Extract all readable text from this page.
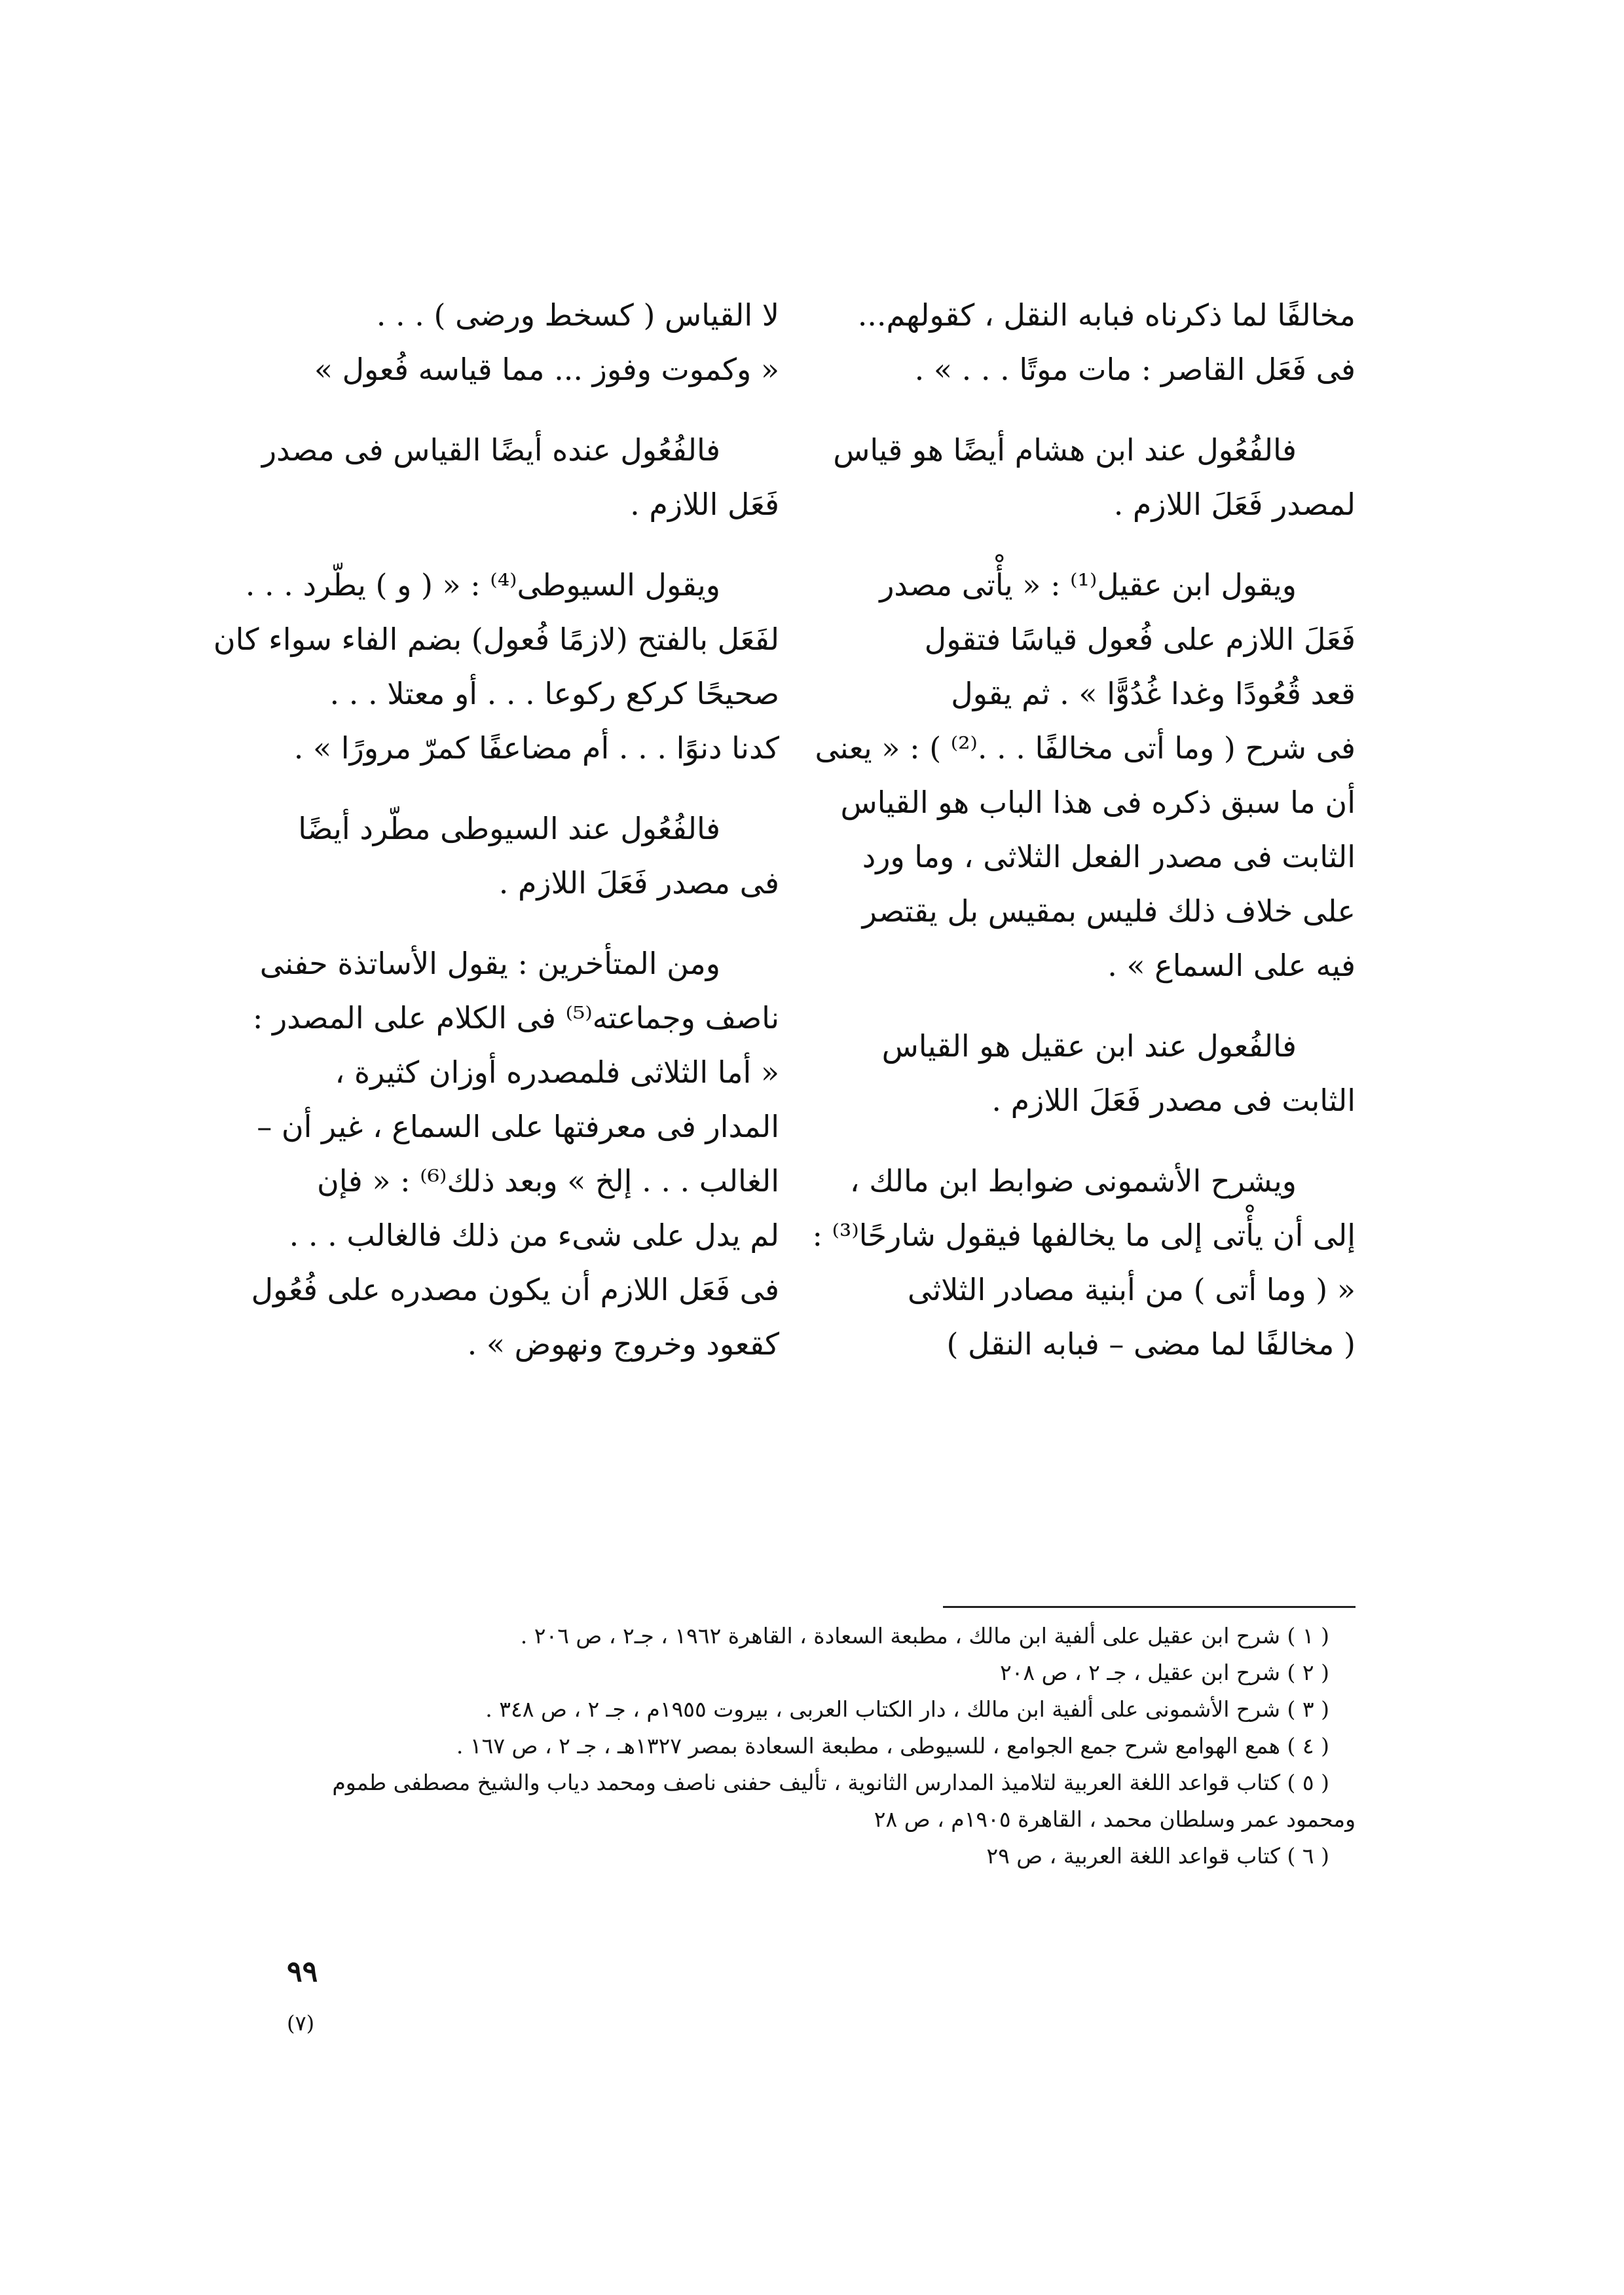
مخالفًا لما ذكرناه فبابه النقل ، كقولهم...
فى فَعَل القاصر : مات موتًا . . . » .
فالفُعُول عند ابن هشام أيضًا هو قياس
لمصدر فَعَلَ اللازم .
ويقول ابن عقيل⁽¹⁾ : « يأْتى مصدر
فَعَلَ اللازم على فُعول قياسًا فتقول
قعد قُعُودًا وغدا غُدُوًّا » . ثم يقول
فى شرح ( وما أتى مخالفًا . . .⁽²⁾ ) : « يعنى
أن ما سبق ذكره فى هذا الباب هو القياس
الثابت فى مصدر الفعل الثلاثى ، وما ورد
على خلاف ذلك فليس بمقيس بل يقتصر
فيه على السماع » .
فالفُعول عند ابن عقيل هو القياس
الثابت فى مصدر فَعَلَ اللازم .
ويشرح الأشمونى ضوابط ابن مالك ،
إلى أن يأْتى إلى ما يخالفها فيقول شارحًا⁽³⁾ :
« ( وما أتى ) من أبنية مصادر الثلاثى
( مخالفًا لما مضى – فبابه النقل )
لا القياس ( كسخط ورضى ) . . .
« وكموت وفوز ... مما قياسه فُعول »
فالفُعُول عنده أيضًا القياس فى مصدر
فَعَل اللازم .
ويقول السيوطى⁽⁴⁾ : « ( و ) يطّرد . . .
لفَعَل بالفتح (لازمًا فُعول) بضم الفاء سواء كان
صحيحًا كركع ركوعا . . . أو معتلا . . .
كدنا دنوًا . . . أم مضاعفًا كمرّ مرورًا » .
فالفُعُول عند السيوطى مطّرد أيضًا
فى مصدر فَعَلَ اللازم .
ومن المتأخرين : يقول الأساتذة حفنى
ناصف وجماعته⁽⁵⁾ فى الكلام على المصدر :
« أما الثلاثى فلمصدره أوزان كثيرة ،
المدار فى معرفتها على السماع ، غير أن –
الغالب . . . إلخ » وبعد ذلك⁽⁶⁾ : « فإن
لم يدل على شىء من ذلك فالغالب . . .
فى فَعَل اللازم أن يكون مصدره على فُعُول
كقعود وخروج ونهوض » .
( ١ ) شرح ابن عقيل على ألفية ابن مالك ، مطبعة السعادة ، القاهرة ١٩٦٢ ، جـ٢ ، ص ٢٠٦ .
( ٢ ) شرح ابن عقيل ، جـ ٢ ، ص ٢٠٨
( ٣ ) شرح الأشمونى على ألفية ابن مالك ، دار الكتاب العربى ، بيروت ١٩٥٥م ، جـ ٢ ، ص ٣٤٨ .
( ٤ ) همع الهوامع شرح جمع الجوامع ، للسيوطى ، مطبعة السعادة بمصر ١٣٢٧هـ ، جـ ٢ ، ص ١٦٧ .
( ٥ ) كتاب قواعد اللغة العربية لتلاميذ المدارس الثانوية ، تأليف حفنى ناصف ومحمد دياب والشيخ مصطفى طموم
ومحمود عمر وسلطان محمد ، القاهرة ١٩٠٥م ، ص ٢٨
( ٦ ) كتاب قواعد اللغة العربية ، ص ٢٩
٩٩
(٧)
